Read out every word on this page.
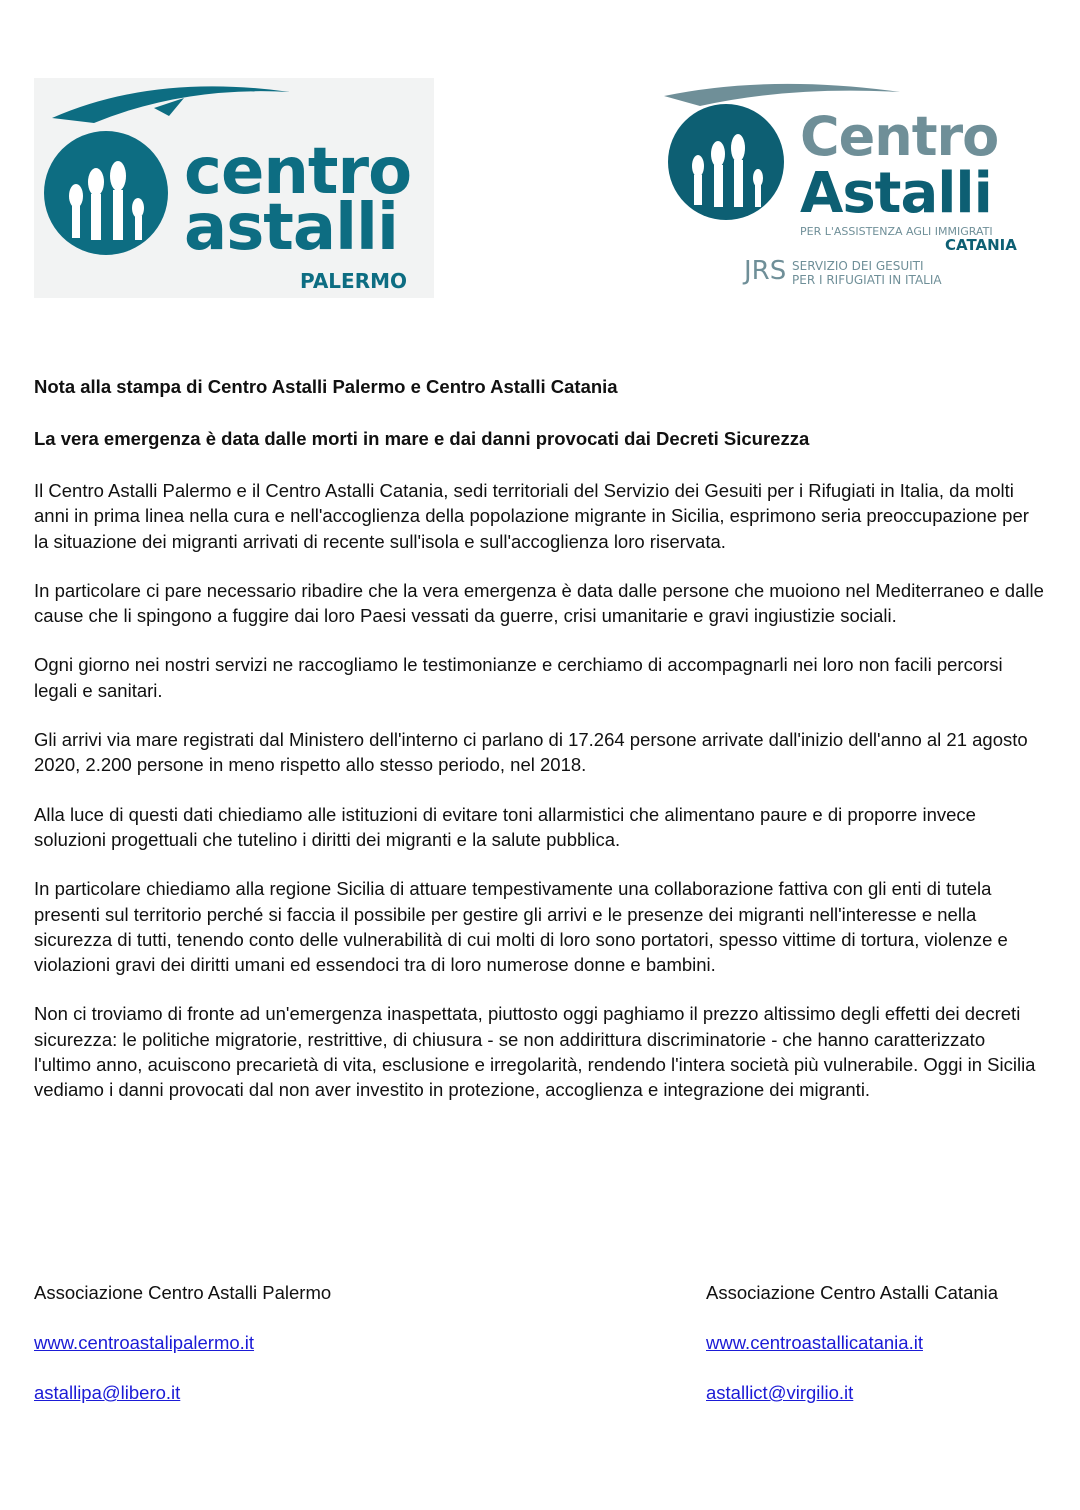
centro
astalli
PALERMO
Centro
Astalli
PER L'ASSISTENZA AGLI IMMIGRATI
CATANIA
JRS SERVIZIO DEI GESUITI
PER I RIFUGIATI IN ITALIA

Nota alla stampa di Centro Astalli Palermo e Centro Astalli Catania

La vera emergenza è data dalle morti in mare e dai danni provocati dai Decreti Sicurezza

Il Centro Astalli Palermo e il Centro Astalli Catania, sedi territoriali del Servizio dei Gesuiti per i Rifugiati in Italia, da molti anni in prima linea nella cura e nell'accoglienza della popolazione migrante in Sicilia, esprimono seria preoccupazione per la situazione dei migranti arrivati di recente sull'isola e sull'accoglienza loro riservata.

In particolare ci pare necessario ribadire che la vera emergenza è data dalle persone che muoiono nel Mediterraneo e dalle cause che li spingono a fuggire dai loro Paesi vessati da guerre, crisi umanitarie e gravi ingiustizie sociali.

Ogni giorno nei nostri servizi ne raccogliamo le testimonianze e cerchiamo di accompagnarli nei loro non facili percorsi legali e sanitari.

Gli arrivi via mare registrati dal Ministero dell'interno ci parlano di 17.264 persone arrivate dall'inizio dell'anno al 21 agosto 2020, 2.200 persone in meno rispetto allo stesso periodo, nel 2018.

Alla luce di questi dati chiediamo alle istituzioni di evitare toni allarmistici che alimentano paure e di proporre invece soluzioni progettuali che tutelino i diritti dei migranti e la salute pubblica.

In particolare chiediamo alla regione Sicilia di attuare tempestivamente una collaborazione fattiva con gli enti di tutela presenti sul territorio perché si faccia il possibile per gestire gli arrivi e le presenze dei migranti nell'interesse e nella sicurezza di tutti, tenendo conto delle vulnerabilità di cui molti di loro sono portatori, spesso vittime di tortura, violenze e violazioni gravi dei diritti umani ed essendoci tra di loro numerose donne e bambini.

Non ci troviamo di fronte ad un'emergenza inaspettata, piuttosto oggi paghiamo il prezzo altissimo degli effetti dei decreti sicurezza: le politiche migratorie, restrittive, di chiusura - se non addirittura discriminatorie - che hanno caratterizzato l'ultimo anno, acuiscono precarietà di vita, esclusione e irregolarità, rendendo l'intera società più vulnerabile. Oggi in Sicilia vediamo i danni provocati dal non aver investito in protezione, accoglienza e integrazione dei migranti.

Associazione Centro Astalli Palermo
www.centroastalipalermo.it
astallipa@libero.it
Associazione Centro Astalli Catania
www.centroastallicatania.it
astallict@virgilio.it
